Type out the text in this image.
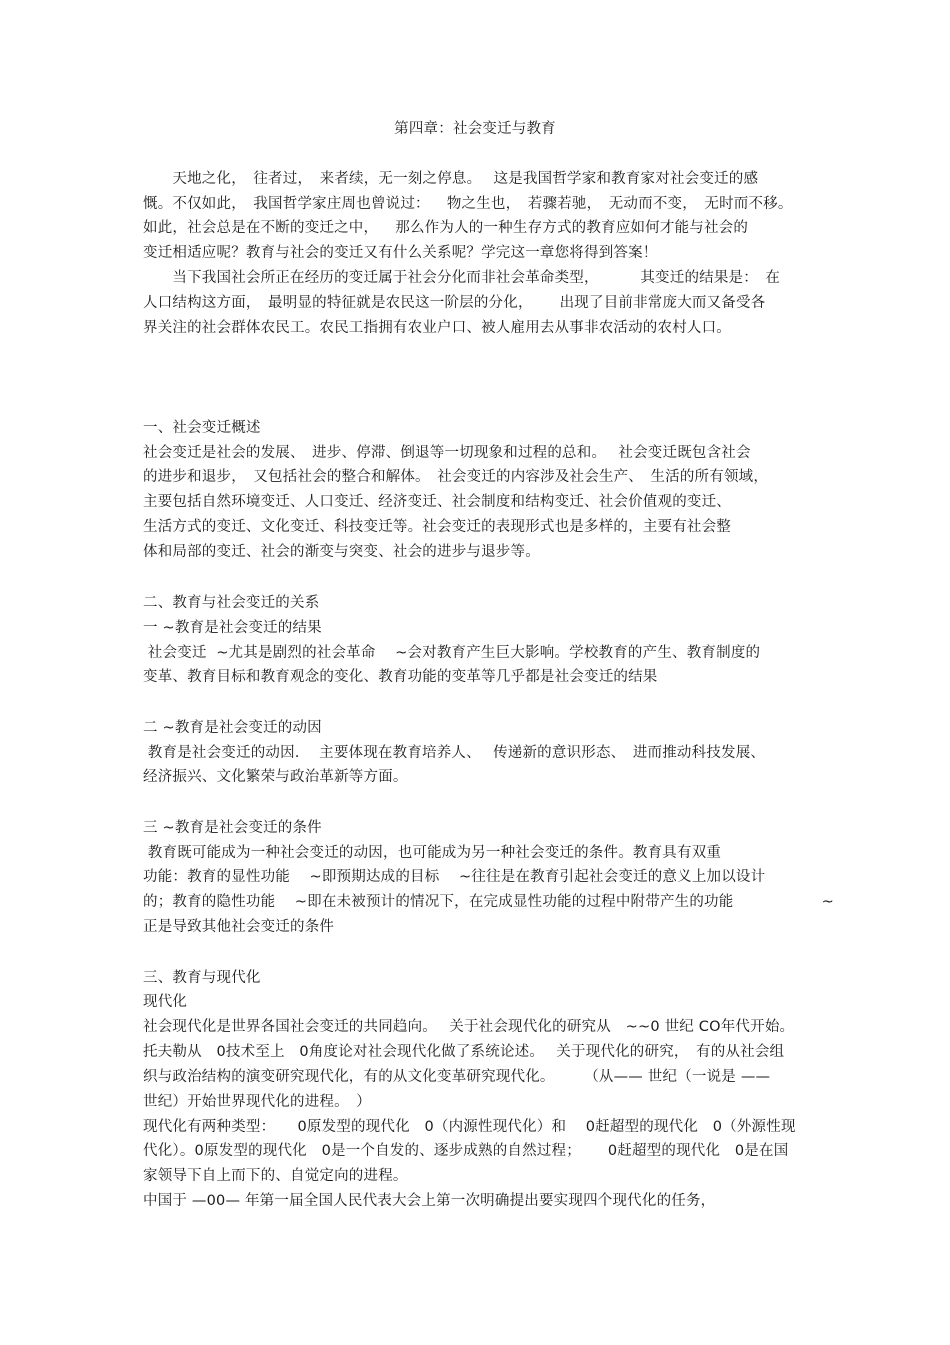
第四章：社会变迁与教育
　　天地之化，　往者过，　来者续，无一刻之停息。　 这是我国哲学家和教育家对社会变迁的感
慨。不仅如此，　我国哲学家庄周也曾说过：　  物之生也，　若骤若驰，　无动而不变，　无时而不移。
如此，社会总是在不断的变迁之中，　  那么作为人的一种生存方式的教育应如何才能与社会的
变迁相适应呢？教育与社会的变迁又有什么关系呢？学完这一章您将得到答案！
　　当下我国社会所正在经历的变迁属于社会分化而非社会革命类型，　　　 其变迁的结果是：　在
人口结构这方面，　最明显的特征就是农民这一阶层的分化，　　 出现了目前非常庞大而又备受各
界关注的社会群体农民工。农民工指拥有农业户口、被人雇用去从事非农活动的农村人口。
一、社会变迁概述
社会变迁是社会的发展、　进步、停滞、倒退等一切现象和过程的总和。　 社会变迁既包含社会
的进步和退步，　又包括社会的整合和解体。　社会变迁的内容涉及社会生产、　生活的所有领域，
主要包括自然环境变迁、人口变迁、经济变迁、社会制度和结构变迁、社会价值观的变迁、
生活方式的变迁、文化变迁、科技变迁等。社会变迁的表现形式也是多样的，主要有社会整
体和局部的变迁、社会的渐变与突变、社会的进步与退步等。
二、教育与社会变迁的关系
一 ~教育是社会变迁的结果
社会变迁  ~尤其是剧烈的社会革命　 ~会对教育产生巨大影响。学校教育的产生、教育制度的
变革、教育目标和教育观念的变化、教育功能的变革等几乎都是社会变迁的结果
二 ~教育是社会变迁的动因
教育是社会变迁的动因.　 主要体现在教育培养人、　 传递新的意识形态、　进而推动科技发展、
经济振兴、文化繁荣与政治革新等方面。
三 ~教育是社会变迁的条件
教育既可能成为一种社会变迁的动因，也可能成为另一种社会变迁的条件。教育具有双重
功能：教育的显性功能　 ~即预期达成的目标　 ~往往是在教育引起社会变迁的意义上加以设计
的；教育的隐性功能　 ~即在未被预计的情况下，在完成显性功能的过程中附带产生的功能　　　　　　~
正是导致其他社会变迁的条件
三、教育与现代化
现代化
社会现代化是世界各国社会变迁的共同趋向。　 关于社会现代化的研究从　~~0 世纪 CO年代开始。
托夫勒从　0技术至上　0角度论对社会现代化做了系统论述。　 关于现代化的研究，　有的从社会组
织与政治结构的演变研究现代化，有的从文化变革研究现代化。　　　（从—— 世纪（一说是 ——
世纪）开始世界现代化的进程。　）
现代化有两种类型：　　0原发型的现代化　0（内源性现代化）和　 0赶超型的现代化　0（外源性现
代化）。0原发型的现代化　0是一个自发的、逐步成熟的自然过程；　　 0赶超型的现代化　0是在国
家领导下自上而下的、自觉定向的进程。
中国于 —00— 年第一届全国人民代表大会上第一次明确提出要实现四个现代化的任务，
